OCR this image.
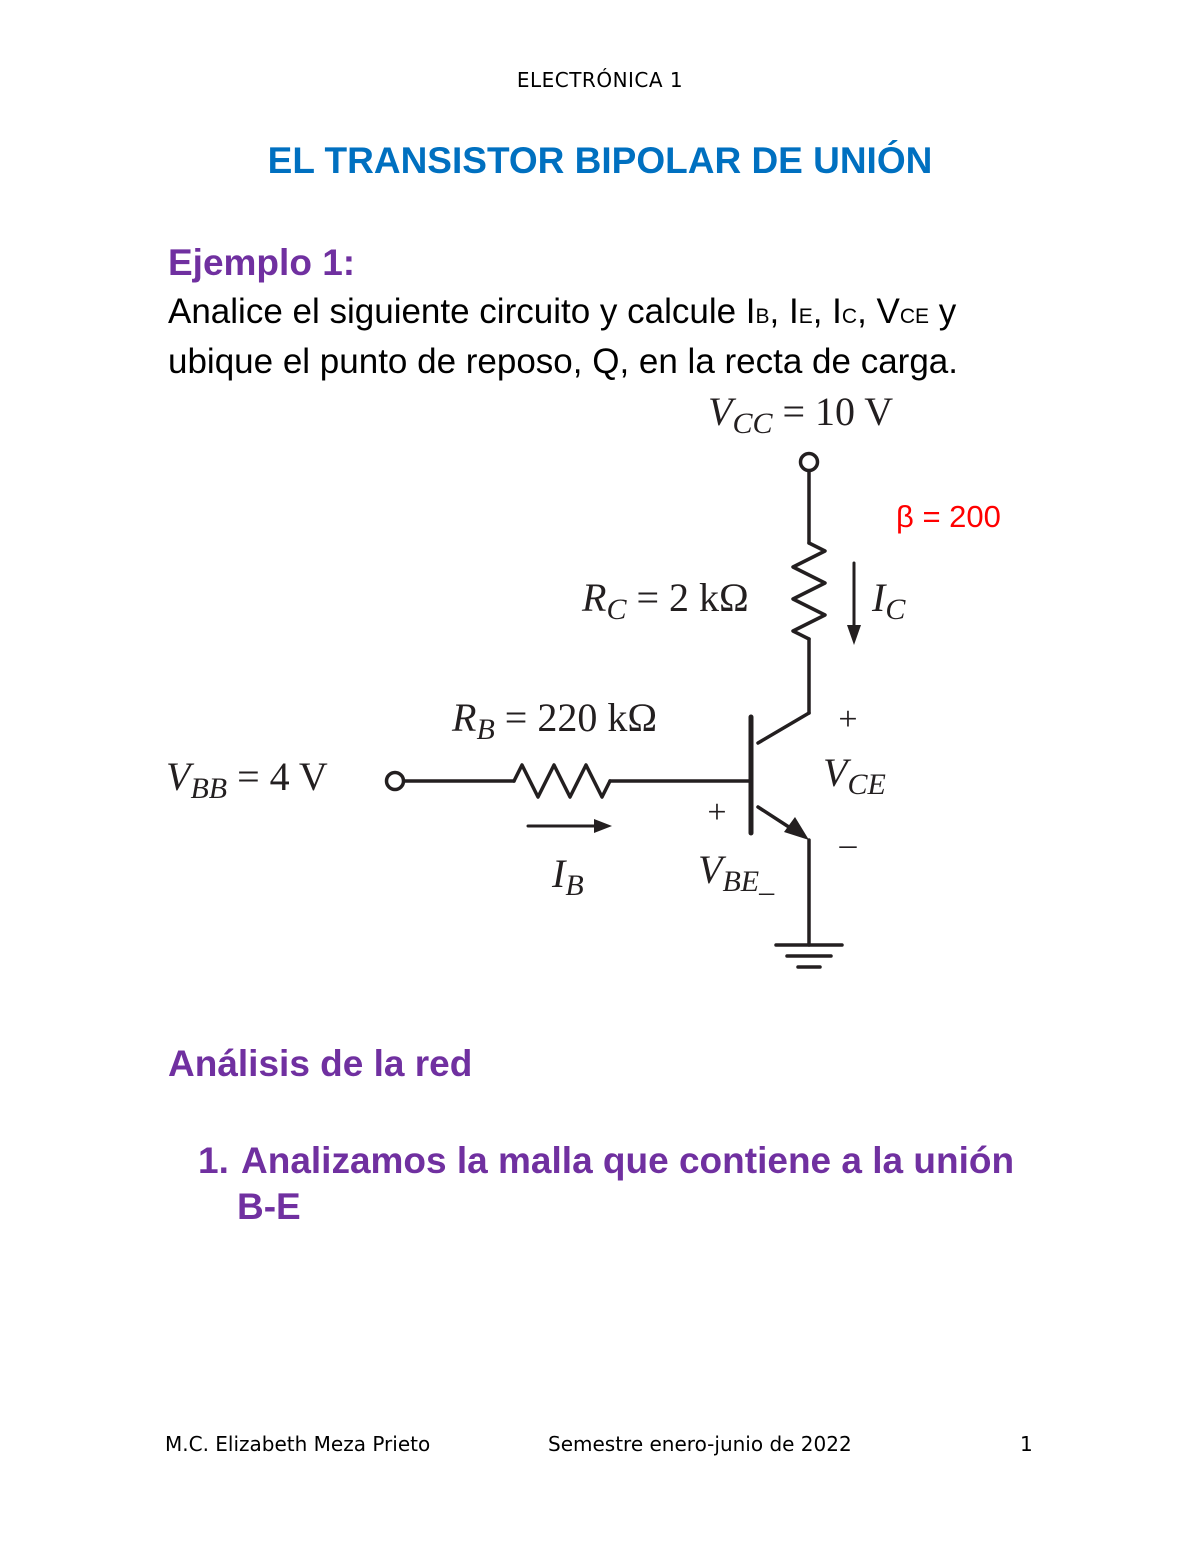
ELECTRÓNICA 1
EL TRANSISTOR BIPOLAR DE UNIÓN
Ejemplo 1:
Analice el siguiente circuito y calcule IB, IE, IC, VCE y
ubique el punto de reposo, Q, en la recta de carga.
$V_{CC} = 10$ V
β = 200
$R_C = 2$ kΩ	$I_C$
$R_B = 220$ kΩ
$V_{BB} = 4$ V
$I_B$
+
$V_{BE}\_$
+
$V_{CE}$
–
Análisis de la red
1. Analizamos la malla que contiene a la unión
B-E
M.C. Elizabeth Meza Prieto	Semestre enero-junio de 2022	1
